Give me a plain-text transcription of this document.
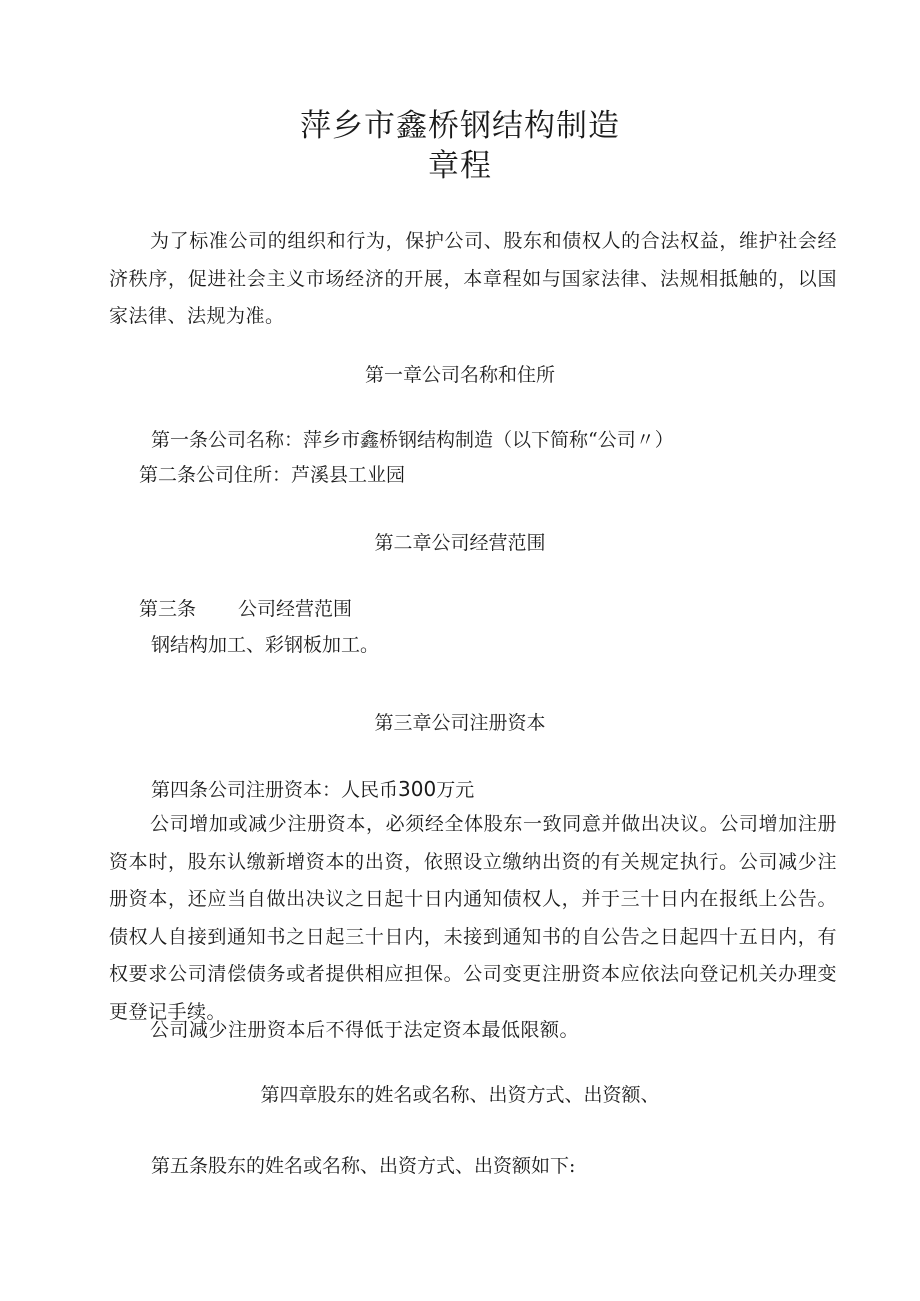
萍乡市鑫桥钢结构制造
章程

为了标准公司的组织和行为，保护公司、股东和债权人的合法权益，维护社会经济秩序，促进社会主义市场经济的开展，本章程如与国家法律、法规相抵触的，以国家法律、法规为准。

第一章公司名称和住所

第一条公司名称：萍乡市鑫桥钢结构制造（以下简称“公司〃）

第二条公司住所：芦溪县工业园

第二章公司经营范围

第三条 公司经营范围

钢结构加工、彩钢板加工。

第三章公司注册资本

第四条公司注册资本：人民币300万元

公司增加或减少注册资本，必须经全体股东一致同意并做出决议。公司增加注册资本时，股东认缴新增资本的出资，依照设立缴纳出资的有关规定执行。公司减少注册资本，还应当自做出决议之日起十日内通知债权人，并于三十日内在报纸上公告。债权人自接到通知书之日起三十日内，未接到通知书的自公告之日起四十五日内，有权要求公司清偿债务或者提供相应担保。公司变更注册资本应依法向登记机关办理变更登记手续。

公司减少注册资本后不得低于法定资本最低限额。

第四章股东的姓名或名称、出资方式、出资额、

第五条股东的姓名或名称、出资方式、出资额如下:
